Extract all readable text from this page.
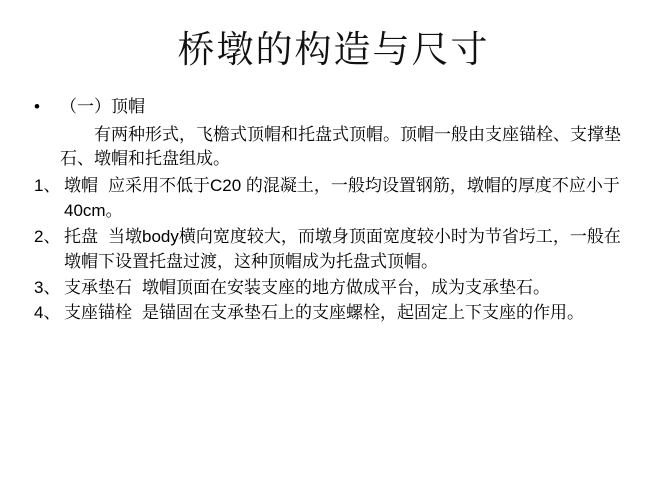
桥墩的构造与尺寸
•	（一）顶帽

有两种形式，飞檐式顶帽和托盘式顶帽。顶帽一般由支座锚栓、支撑垫石、墩帽和托盘组成。

1、 墩帽 应采用不低于C20 的混凝土，一般均设置钢筋，墩帽的厚度不应小于40cm。
2、 托盘 当墩body横向宽度较大，而墩身顶面宽度较小时为节省圬工，一般在墩帽下设置托盘过渡，这种顶帽成为托盘式顶帽。
3、 支承垫石 墩帽顶面在安装支座的地方做成平台，成为支承垫石。
4、 支座锚栓 是锚固在支承垫石上的支座螺栓，起固定上下支座的作用。
